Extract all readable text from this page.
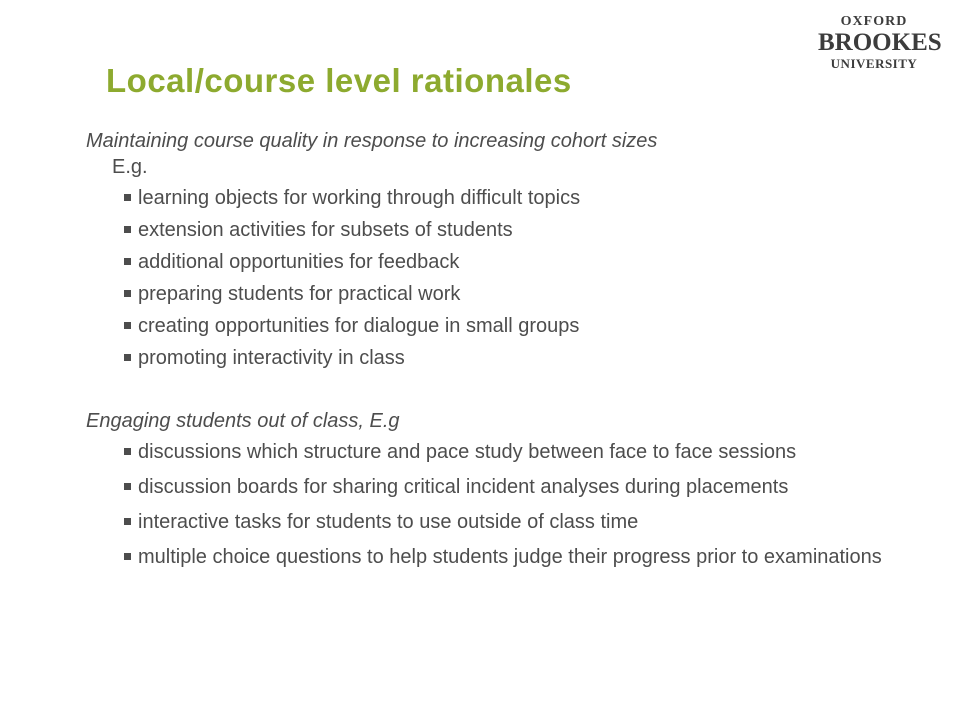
OXFORD
BROOKES
UNIVERSITY
Local/course level rationales

Maintaining course quality in response to increasing cohort sizes
E.g.

learning objects for working through difficult topics
extension activities for subsets of students
additional opportunities for feedback
preparing students for practical work
creating opportunities for dialogue in small groups
promoting interactivity in class

Engaging students out of class, E.g

discussions which structure and pace study between face to face sessions
discussion boards for sharing critical incident analyses during placements
interactive tasks for students to use outside of class time
multiple choice questions to help students judge their progress prior to examinations
